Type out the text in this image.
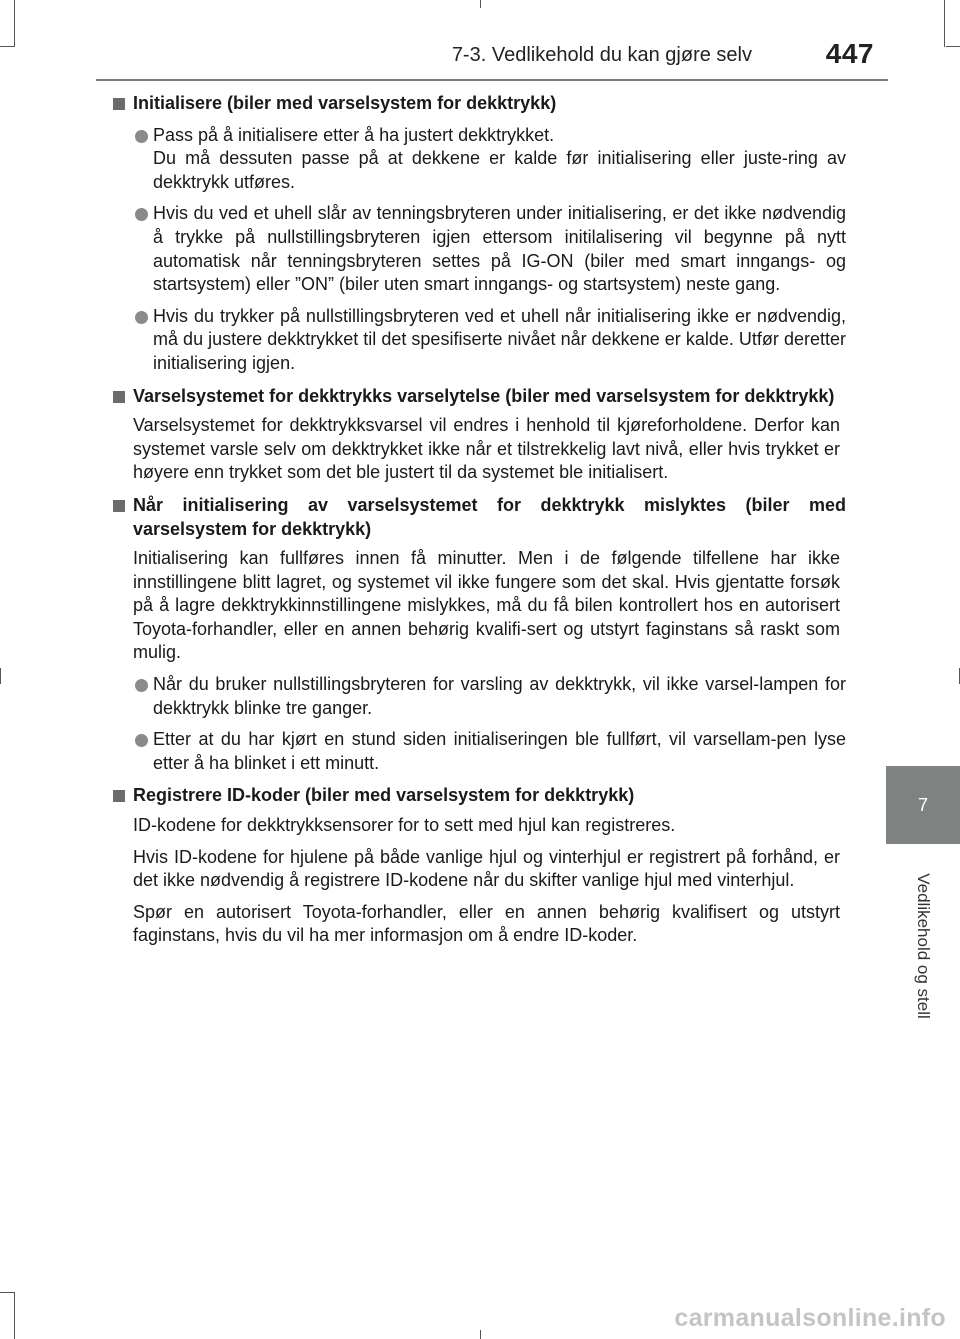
7-3. Vedlikehold du kan gjøre selv	447
7
Vedlikehold og stell
Initialisere (biler med varselsystem for dekktrykk)

Pass på å initialisere etter å ha justert dekktrykket.

Du må dessuten passe på at dekkene er kalde før initialisering eller juste-ring av dekktrykk utføres.

Hvis du ved et uhell slår av tenningsbryteren under initialisering, er det ikke nødvendig å trykke på nullstillingsbryteren igjen ettersom initilalisering vil begynne på nytt automatisk når tenningsbryteren settes på IG-ON (biler med smart inngangs- og startsystem) eller ”ON” (biler uten smart inngangs- og startsystem) neste gang.

Hvis du trykker på nullstillingsbryteren ved et uhell når initialisering ikke er nødvendig, må du justere dekktrykket til det spesifiserte nivået når dekkene er kalde. Utfør deretter initialisering igjen.

Varselsystemet for dekktrykks varselytelse (biler med varselsystem for dekktrykk)

Varselsystemet for dekktrykksvarsel vil endres i henhold til kjøreforholdene. Derfor kan systemet varsle selv om dekktrykket ikke når et tilstrekkelig lavt nivå, eller hvis trykket er høyere enn trykket som det ble justert til da systemet ble initialisert.

Når initialisering av varselsystemet for dekktrykk mislyktes (biler med varselsystem for dekktrykk)

Initialisering kan fullføres innen få minutter. Men i de følgende tilfellene har ikke innstillingene blitt lagret, og systemet vil ikke fungere som det skal. Hvis gjentatte forsøk på å lagre dekktrykkinnstillingene mislykkes, må du få bilen kontrollert hos en autorisert Toyota-forhandler, eller en annen behørig kvalifi-sert og utstyrt faginstans så raskt som mulig.

Når du bruker nullstillingsbryteren for varsling av dekktrykk, vil ikke varsel-lampen for dekktrykk blinke tre ganger.

Etter at du har kjørt en stund siden initialiseringen ble fullført, vil varsellam-pen lyse etter å ha blinket i ett minutt.

Registrere ID-koder (biler med varselsystem for dekktrykk)

ID-kodene for dekktrykksensorer for to sett med hjul kan registreres.

Hvis ID-kodene for hjulene på både vanlige hjul og vinterhjul er registrert på forhånd, er det ikke nødvendig å registrere ID-kodene når du skifter vanlige hjul med vinterhjul.

Spør en autorisert Toyota-forhandler, eller en annen behørig kvalifisert og utstyrt faginstans, hvis du vil ha mer informasjon om å endre ID-koder.

carmanualsonline.info
